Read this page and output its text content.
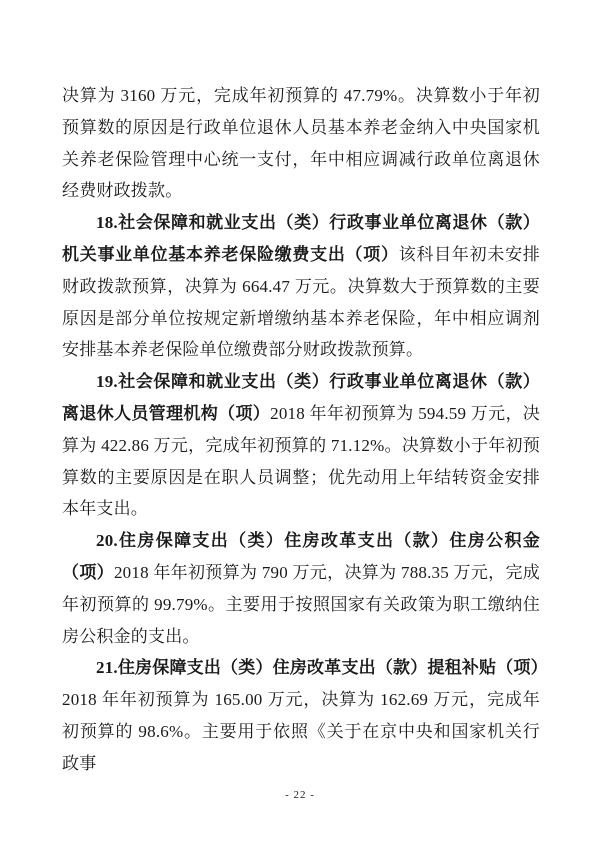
决算为 3160 万元，完成年初预算的 47.79%。决算数小于年初预算数的原因是行政单位退休人员基本养老金纳入中央国家机关养老保险管理中心统一支付，年中相应调减行政单位离退休经费财政拨款。

18.社会保障和就业支出（类）行政事业单位离退休（款）机关事业单位基本养老保险缴费支出（项）该科目年初未安排财政拨款预算，决算为 664.47 万元。决算数大于预算数的主要原因是部分单位按规定新增缴纳基本养老保险，年中相应调剂安排基本养老保险单位缴费部分财政拨款预算。

19.社会保障和就业支出（类）行政事业单位离退休（款）离退休人员管理机构（项）2018 年年初预算为 594.59 万元，决算为 422.86 万元，完成年初预算的 71.12%。决算数小于年初预算数的主要原因是在职人员调整；优先动用上年结转资金安排本年支出。

20.住房保障支出（类）住房改革支出（款）住房公积金（项）2018 年年初预算为 790 万元，决算为 788.35 万元，完成年初预算的 99.79%。主要用于按照国家有关政策为职工缴纳住房公积金的支出。

21.住房保障支出（类）住房改革支出（款）提租补贴（项）2018 年年初预算为 165.00 万元，决算为 162.69 万元，完成年初预算的 98.6%。主要用于依照《关于在京中央和国家机关行政事

- 22 -
